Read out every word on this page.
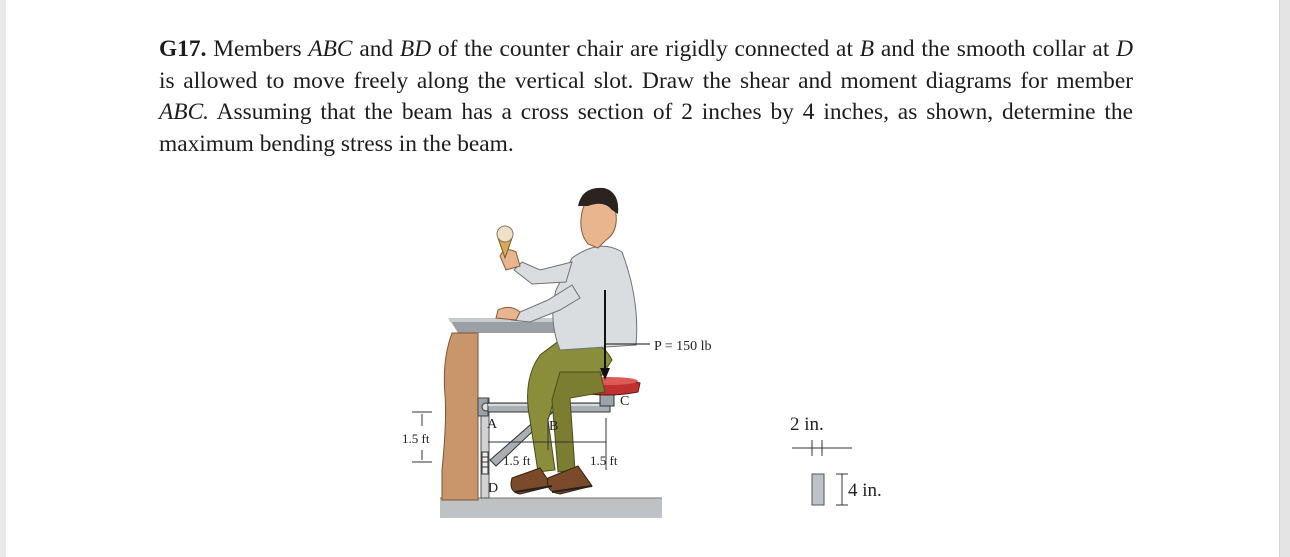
G17. Members ABC and BD of the counter chair are rigidly connected at B and the smooth collar at D is allowed to move freely along the vertical slot. Draw the shear and moment diagrams for member ABC. Assuming that the beam has a cross section of 2 inches by 4 inches, as shown, determine the maximum bending stress in the beam.

P = 150 lb
A	B
C
D
1.5 ft
1.5 ft	1.5 ft
2 in.
4 in.
